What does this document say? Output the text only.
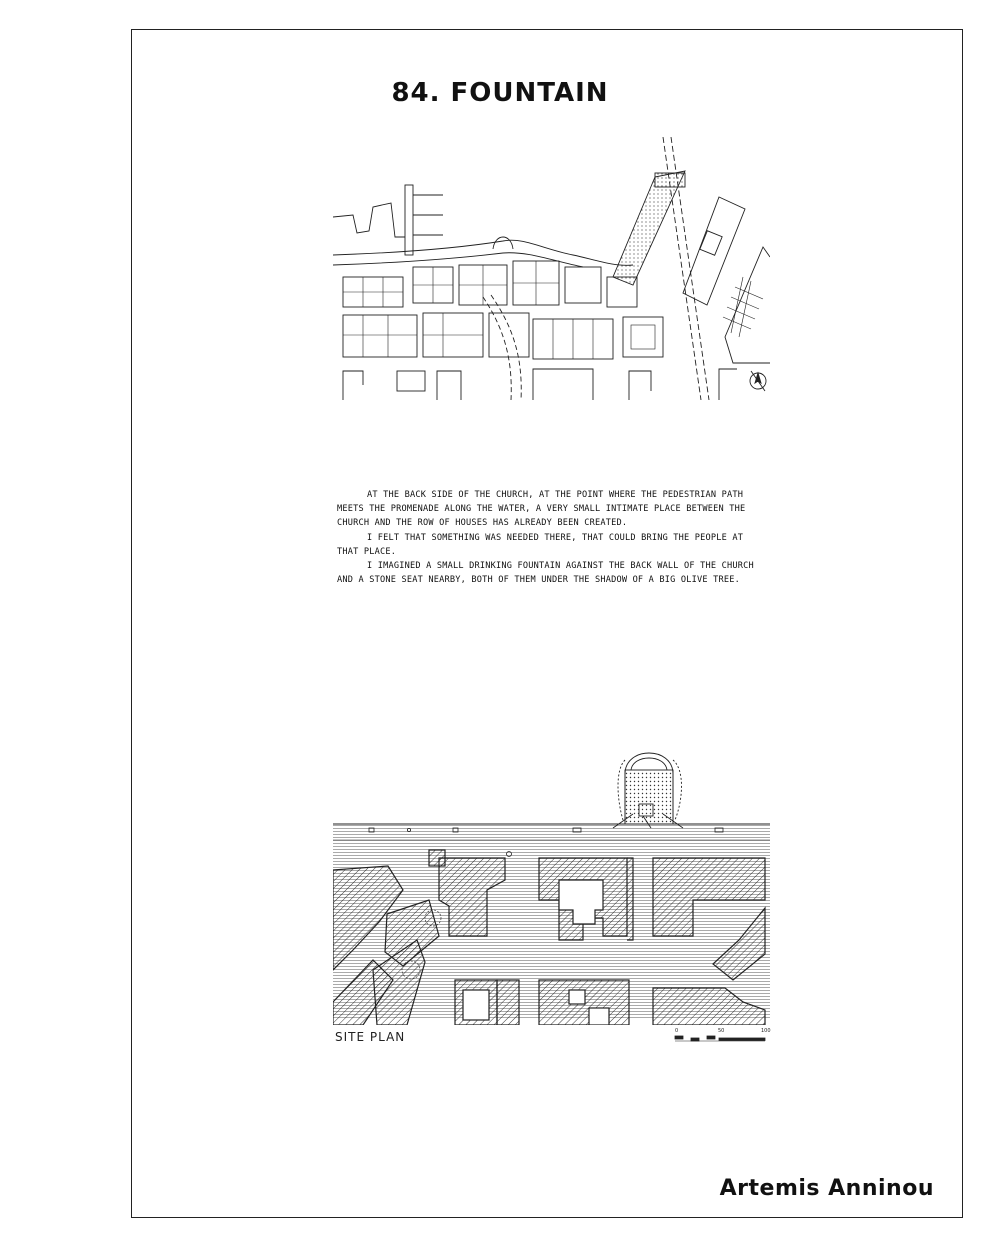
84. FOUNTAIN

AT THE BACK SIDE OF THE CHURCH, AT THE POINT WHERE THE PEDESTRIAN PATH MEETS THE PROMENADE ALONG THE WATER, A VERY SMALL INTIMATE PLACE BETWEEN THE CHURCH AND THE ROW OF HOUSES HAS ALREADY BEEN CREATED.

I FELT THAT SOMETHING WAS NEEDED THERE, THAT COULD BRING THE PEOPLE AT THAT PLACE.

I IMAGINED A SMALL DRINKING FOUNTAIN AGAINST THE BACK WALL OF THE CHURCH AND A STONE SEAT NEARBY, BOTH OF THEM UNDER THE SHADOW OF A BIG OLIVE TREE.

SITE PLAN	0	50	100
Artemis Anninou
